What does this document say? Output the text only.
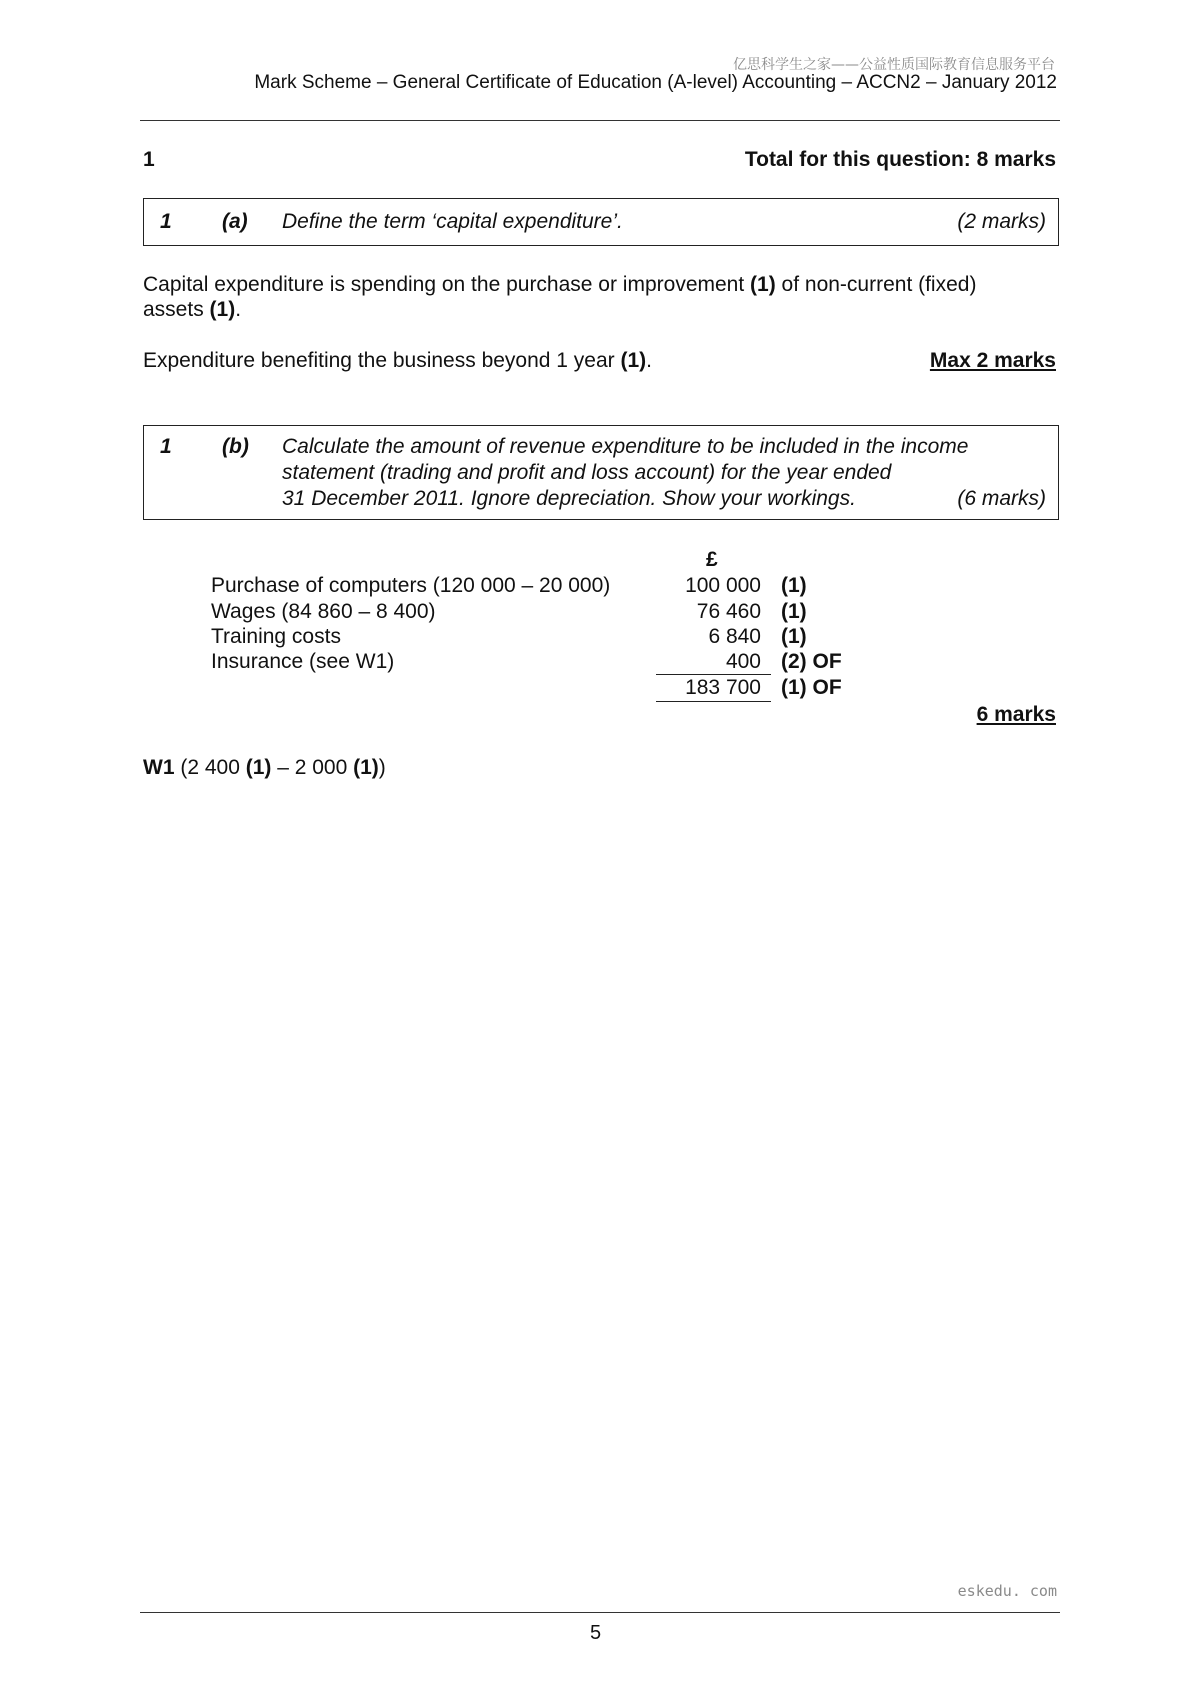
亿思科学生之家——公益性质国际教育信息服务平台
Mark Scheme – General Certificate of Education (A-level) Accounting – ACCN2 – January 2012
1	Total for this question: 8 marks
1 (a) Define the term ‘capital expenditure’.	(2 marks)
Capital expenditure is spending on the purchase or improvement (1) of non-current (fixed)
assets (1).
Expenditure benefiting the business beyond 1 year (1).	Max 2 marks
1 (b) Calculate the amount of revenue expenditure to be included in the income
statement (trading and profit and loss account) for the year ended
31 December 2011. Ignore depreciation. Show your workings.	(6 marks)
£
Purchase of computers (120 000 – 20 000)	100 000 (1)
Wages (84 860 – 8 400)	76 460 (1)
Training costs	6 840 (1)
Insurance (see W1)	400 (2) OF
183 700 (1) OF
6 marks
W1 (2 400 (1) – 2 000 (1))
eskedu. com
5
